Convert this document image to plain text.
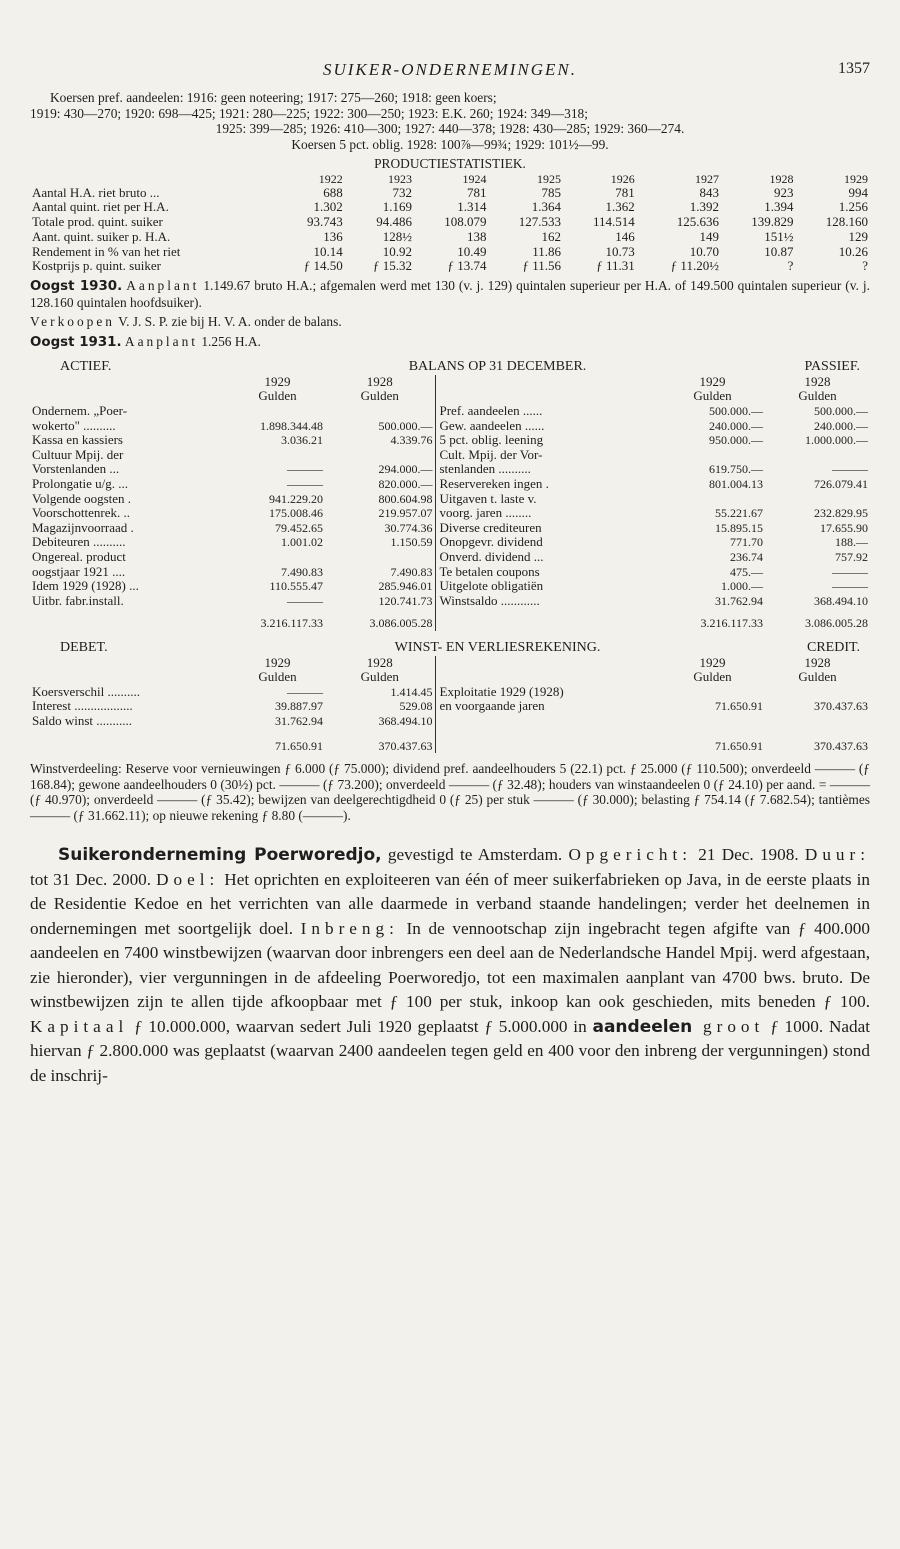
SUIKER-ONDERNEMINGEN.	1357

Koersen pref. aandeelen: 1916: geen noteering; 1917: 275—260; 1918: geen koers;

1919: 430—270; 1920: 698—425; 1921: 280—225; 1922: 300—250; 1923: E.K. 260; 1924: 349—318;

1925: 399—285; 1926: 410—300; 1927: 440—378; 1928: 430—285; 1929: 360—274.

Koersen 5 pct. oblig. 1928: 100⅞—99¾; 1929: 101½—99.

PRODUCTIESTATISTIEK.

	1922	1923	1924	1925	1926	1927	1928	1929
Aantal H.A. riet bruto ...	688	732	781	785	781	843	923	994
Aantal quint. riet per H.A.	1.302	1.169	1.314	1.364	1.362	1.392	1.394	1.256
Totale prod. quint. suiker	93.743	94.486	108.079	127.533	114.514	125.636	139.829	128.160
Aant. quint. suiker p. H.A.	136	128½	138	162	146	149	151½	129
Rendement in % van het riet	10.14	10.92	10.49	11.86	10.73	10.70	10.87	10.26
Kostprijs p. quint. suiker	ƒ 14.50	ƒ 15.32	ƒ 13.74	ƒ 11.56	ƒ 11.31	ƒ 11.20½	?	?

Oogst 1930. Aanplant 1.149.67 bruto H.A.; afgemalen werd met 130 (v. j. 129) quintalen superieur per H.A. of 149.500 quintalen superieur (v. j. 128.160 quintalen hoofdsuiker).

Verkoopen V. J. S. P. zie bij H. V. A. onder de balans.

Oogst 1931. Aanplant 1.256 H.A.

ACTIEF.	BALANS OP 31 DECEMBER.				PASSIEF.
	1929	1928		1929	1928
	Gulden	Gulden		Gulden	Gulden
Ondernem. „Poer-			Pref. aandeelen ......	500.000.—	500.000.—
wokerto" ..........	1.898.344.48	500.000.—	Gew. aandeelen ......	240.000.—	240.000.—
Kassa en kassiers	3.036.21	4.339.76	5 pct. oblig. leening	950.000.—	1.000.000.—
Cultuur Mpij. der			Cult. Mpij. der Vor-		
Vorstenlanden ...	———	294.000.—	stenlanden ..........	619.750.—	———
Prolongatie u/g. ...	———	820.000.—	Reservereken ingen .	801.004.13	726.079.41
Volgende oogsten .	941.229.20	800.604.98	Uitgaven t. laste v.		
Voorschottenrek. ..	175.008.46	219.957.07	voorg. jaren ........	55.221.67	232.829.95
Magazijnvoorraad .	79.452.65	30.774.36	Diverse crediteuren	15.895.15	17.655.90
Debiteuren ..........	1.001.02	1.150.59	Onopgevr. dividend	771.70	188.—
Ongereal. product			Onverd. dividend ...	236.74	757.92
oogstjaar 1921 ....	7.490.83	7.490.83	Te betalen coupons	475.—	———
Idem 1929 (1928) ...	110.555.47	285.946.01	Uitgelote obligatiën	1.000.—	———
Uitbr. fabr.install.	———	120.741.73	Winstsaldo ............	31.762.94	368.494.10
	3.216.117.33	3.086.005.28		3.216.117.33	3.086.005.28
DEBET.	WINST- EN VERLIESREKENING.				CREDIT.
	1929	1928		1929	1928
	Gulden	Gulden		Gulden	Gulden
Koersverschil ..........	———	1.414.45	Exploitatie 1929 (1928)		
Interest ..................	39.887.97	529.08	en voorgaande jaren	71.650.91	370.437.63
Saldo winst ...........	31.762.94	368.494.10			
	71.650.91	370.437.63		71.650.91	370.437.63

Winstverdeeling: Reserve voor vernieuwingen ƒ 6.000 (ƒ 75.000); dividend pref. aandeelhouders 5 (22.1) pct. ƒ 25.000 (ƒ 110.500); onverdeeld ——— (ƒ 168.84); gewone aandeelhouders 0 (30½) pct. ——— (ƒ 73.200); onverdeeld ——— (ƒ 32.48); houders van winstaandeelen 0 (ƒ 24.10) per aand. = ——— (ƒ 40.970); onverdeeld ——— (ƒ 35.42); bewijzen van deelgerechtigdheid 0 (ƒ 25) per stuk ——— (ƒ 30.000); belasting ƒ 754.14 (ƒ 7.682.54); tantièmes ——— (ƒ 31.662.11); op nieuwe rekening ƒ 8.80 (———).

Suikeronderneming Poerworedjo, gevestigd te Amsterdam. Opgericht: 21 Dec. 1908. Duur: tot 31 Dec. 2000. Doel: Het oprichten en exploiteeren van één of meer suikerfabrieken op Java, in de eerste plaats in de Residentie Kedoe en het verrichten van alle daarmede in verband staande handelingen; verder het deelnemen in ondernemingen met soortgelijk doel. Inbreng: In de vennootschap zijn ingebracht tegen afgifte van ƒ 400.000 aandeelen en 7400 winstbewijzen (waarvan door inbrengers een deel aan de Nederlandsche Handel Mpij. werd afgestaan, zie hieronder), vier vergunningen in de afdeeling Poerworedjo, tot een maximalen aanplant van 4700 bws. bruto. De winstbewijzen zijn te allen tijde afkoopbaar met ƒ 100 per stuk, inkoop kan ook geschieden, mits beneden ƒ 100. Kapitaal ƒ 10.000.000, waarvan sedert Juli 1920 geplaatst ƒ 5.000.000 in aandeelen groot ƒ 1000. Nadat hiervan ƒ 2.800.000 was geplaatst (waarvan 2400 aandeelen tegen geld en 400 voor den inbreng der vergunningen) stond de inschrij-
